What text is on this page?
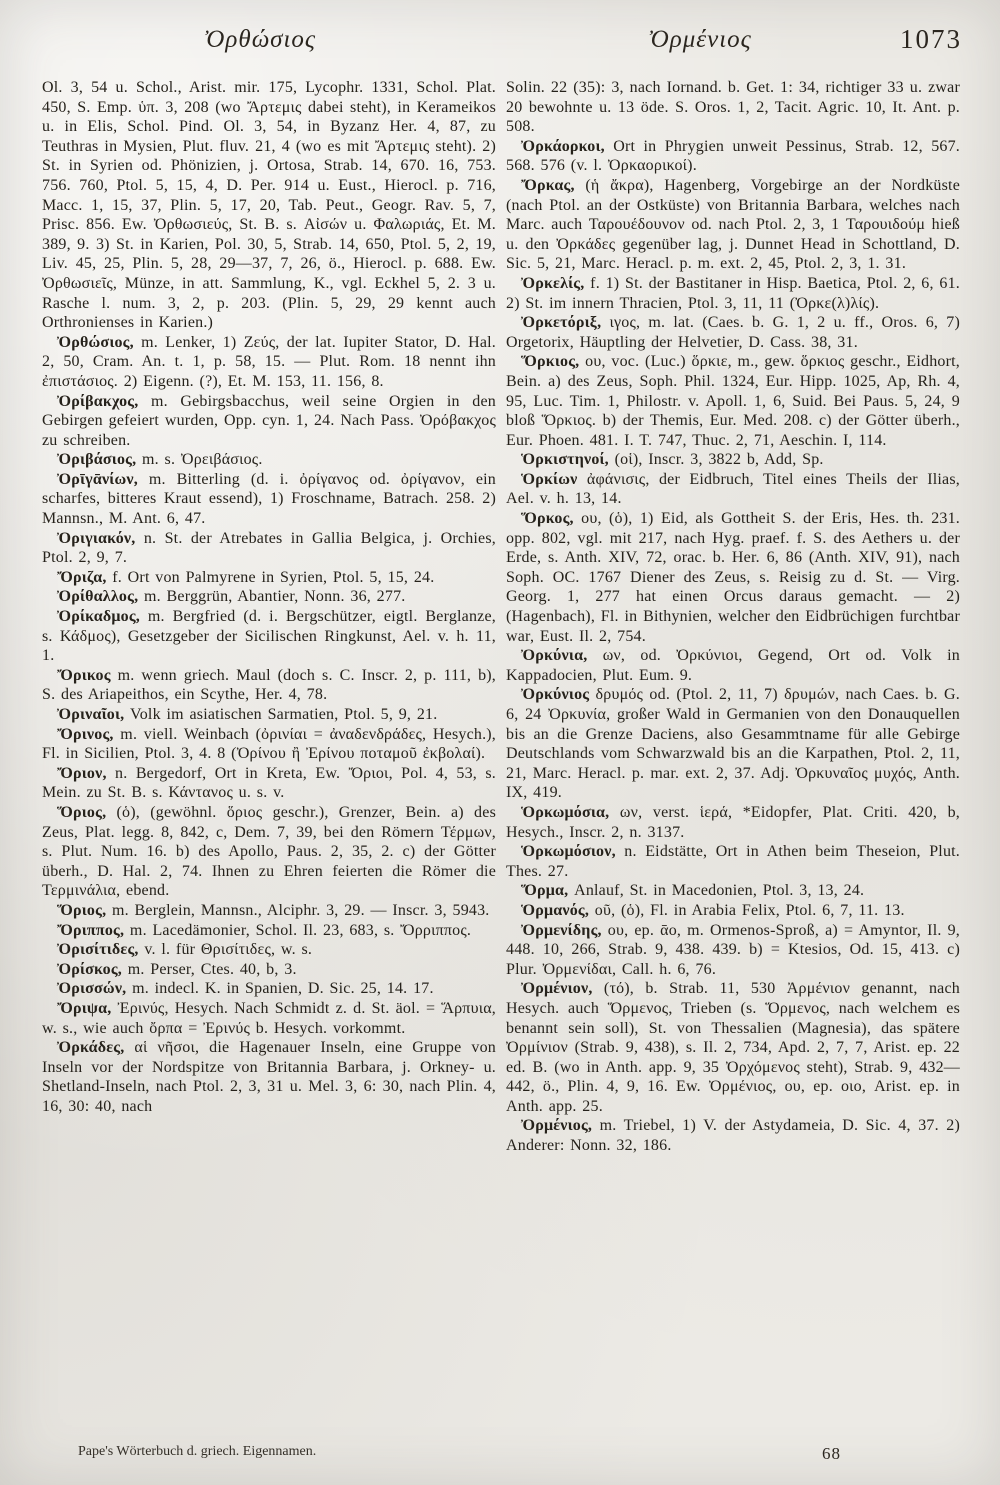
Ὀρθώσιος	Ὀρμένιος	1073

Ol. 3, 54 u. Schol., Arist. mir. 175, Lycophr. 1331, Schol. Plat. 450, S. Emp. ὑπ. 3, 208 (wo Ἄρτεμις dabei steht), in Kerameikos u. in Elis, Schol. Pind. Ol. 3, 54, in Byzanz Her. 4, 87, zu Teuthras in Mysien, Plut. fluv. 21, 4 (wo es mit Ἄρτεμις steht). 2) St. in Syrien od. Phönizien, j. Ortosa, Strab. 14, 670. 16, 753. 756. 760, Ptol. 5, 15, 4, D. Per. 914 u. Eust., Hierocl. p. 716, Macc. 1, 15, 37, Plin. 5, 17, 20, Tab. Peut., Geogr. Rav. 5, 7, Prisc. 856. Ew. Ὀρθωσιεύς, St. B. s. Αἰσών u. Φαλωριάς, Et. M. 389, 9. 3) St. in Karien, Pol. 30, 5, Strab. 14, 650, Ptol. 5, 2, 19, Liv. 45, 25, Plin. 5, 28, 29—37, 7, 26, ö., Hierocl. p. 688. Ew. Ὀρθωσιεῖς, Münze, in att. Sammlung, K., vgl. Eckhel 5, 2. 3 u. Rasche l. num. 3, 2, p. 203. (Plin. 5, 29, 29 kennt auch Orthronienses in Karien.)

Ὀρθώσιος, m. Lenker, 1) Ζεύς, der lat. Iupiter Stator, D. Hal. 2, 50, Cram. An. t. 1, p. 58, 15. — Plut. Rom. 18 nennt ihn ἐπιστάσιος. 2) Eigenn. (?), Et. M. 153, 11. 156, 8.

Ὀρίβακχος, m. Gebirgsbacchus, weil seine Orgien in den Gebirgen gefeiert wurden, Opp. cyn. 1, 24. Nach Pass. Ὀρόβακχος zu schreiben.

Ὀριβάσιος, m. s. Ὀρειβάσιος.

Ὀρῑγᾱνίων, m. Bitterling (d. i. ὀρίγανος od. ὀρίγανον, ein scharfes, bitteres Kraut essend), 1) Froschname, Batrach. 258. 2) Mannsn., M. Ant. 6, 47.

Ὀριγιακόν, n. St. der Atrebates in Gallia Belgica, j. Orchies, Ptol. 2, 9, 7.

Ὄριζα, f. Ort von Palmyrene in Syrien, Ptol. 5, 15, 24.

Ὀρίθαλλος, m. Berggrün, Abantier, Nonn. 36, 277.

Ὀρίκαδμος, m. Bergfried (d. i. Bergschützer, eigtl. Berglanze, s. Κάδμος), Gesetzgeber der Sicilischen Ringkunst, Ael. v. h. 11, 1.

Ὄρικος m. wenn griech. Maul (doch s. C. Inscr. 2, p. 111, b), S. des Ariapeithos, ein Scythe, Her. 4, 78.

Ὀριναῖοι, Volk im asiatischen Sarmatien, Ptol. 5, 9, 21.

Ὄρινος, m. viell. Weinbach (ὀρινίαι = ἀναδενδράδες, Hesych.), Fl. in Sicilien, Ptol. 3, 4. 8 (Ὀρίνου ἢ Ἐρίνου ποταμοῦ ἐκβολαί).

Ὄριον, n. Bergedorf, Ort in Kreta, Ew. Ὄριοι, Pol. 4, 53, s. Mein. zu St. B. s. Κάντανος u. s. v.

Ὅριος, (ὁ), (gewöhnl. ὅριος geschr.), Grenzer, Bein. a) des Zeus, Plat. legg. 8, 842, c, Dem. 7, 39, bei den Römern Τέρμων, s. Plut. Num. 16. b) des Apollo, Paus. 2, 35, 2. c) der Götter überh., D. Hal. 2, 74. Ihnen zu Ehren feierten die Römer die Τερμινάλια, ebend.

Ὅριος, m. Berglein, Mannsn., Alciphr. 3, 29. — Inscr. 3, 5943.

Ὄριππος, m. Lacedämonier, Schol. Il. 23, 683, s. Ὄρριππος.

Ὀρισίτιδες, v. l. für Θρισίτιδες, w. s.

Ὀρίσκος, m. Perser, Ctes. 40, b, 3.

Ὀρισσών, m. indecl. K. in Spanien, D. Sic. 25, 14. 17.

Ὄριψα, Ἐρινύς, Hesych. Nach Schmidt z. d. St. äol. = Ἅρπυια, w. s., wie auch ὄρπα = Ἐρινύς b. Hesych. vorkommt.

Ὀρκάδες, αἱ νῆσοι, die Hagenauer Inseln, eine Gruppe von Inseln vor der Nordspitze von Britannia Barbara, j. Orkney- u. Shetland-Inseln, nach Ptol. 2, 3, 31 u. Mel. 3, 6: 30, nach Plin. 4, 16, 30: 40, nach

Solin. 22 (35): 3, nach Iornand. b. Get. 1: 34, richtiger 33 u. zwar 20 bewohnte u. 13 öde. S. Oros. 1, 2, Tacit. Agric. 10, It. Ant. p. 508.

Ὀρκάορκοι, Ort in Phrygien unweit Pessinus, Strab. 12, 567. 568. 576 (v. l. Ὀρκαορικοί).

Ὄρκας, (ἡ ἄκρα), Hagenberg, Vorgebirge an der Nordküste (nach Ptol. an der Ostküste) von Britannia Barbara, welches nach Marc. auch Ταρουέδουνον od. nach Ptol. 2, 3, 1 Ταρουιδούμ hieß u. den Ὀρκάδες gegenüber lag, j. Dunnet Head in Schottland, D. Sic. 5, 21, Marc. Heracl. p. m. ext. 2, 45, Ptol. 2, 3, 1. 31.

Ὀρκελίς, f. 1) St. der Bastitaner in Hisp. Baetica, Ptol. 2, 6, 61. 2) St. im innern Thracien, Ptol. 3, 11, 11 (Ὀρκε(λ)λίς).

Ὀρκετόριξ, ιγος, m. lat. (Caes. b. G. 1, 2 u. ff., Oros. 6, 7) Orgetorix, Häuptling der Helvetier, D. Cass. 38, 31.

Ὅρκιος, ου, voc. (Luc.) ὅρκιε, m., gew. ὅρκιος geschr., Eidhort, Bein. a) des Zeus, Soph. Phil. 1324, Eur. Hipp. 1025, Ap, Rh. 4, 95, Luc. Tim. 1, Philostr. v. Apoll. 1, 6, Suid. Bei Paus. 5, 24, 9 bloß Ὅρκιος. b) der Themis, Eur. Med. 208. c) der Götter überh., Eur. Phoen. 481. I. T. 747, Thuc. 2, 71, Aeschin. I, 114.

Ὁρκιστηνοί, (οἱ), Inscr. 3, 3822 b, Add, Sp.

Ὁρκίων ἀφάνισις, der Eidbruch, Titel eines Theils der Ilias, Ael. v. h. 13, 14.

Ὅρκος, ου, (ὁ), 1) Eid, als Gottheit S. der Eris, Hes. th. 231. opp. 802, vgl. mit 217, nach Hyg. praef. f. S. des Aethers u. der Erde, s. Anth. XIV, 72, orac. b. Her. 6, 86 (Anth. XIV, 91), nach Soph. OC. 1767 Diener des Zeus, s. Reisig zu d. St. — Virg. Georg. 1, 277 hat einen Orcus daraus gemacht. — 2) (Hagenbach), Fl. in Bithynien, welcher den Eidbrüchigen furchtbar war, Eust. Il. 2, 754.

Ὀρκύνια, ων, od. Ὀρκύνιοι, Gegend, Ort od. Volk in Kappadocien, Plut. Eum. 9.

Ὀρκύνιος δρυμός od. (Ptol. 2, 11, 7) δρυμών, nach Caes. b. G. 6, 24 Ὀρκυνία, großer Wald in Germanien von den Donauquellen bis an die Grenze Daciens, also Gesammtname für alle Gebirge Deutschlands vom Schwarzwald bis an die Karpathen, Ptol. 2, 11, 21, Marc. Heracl. p. mar. ext. 2, 37. Adj. Ὀρκυναῖος μυχός, Anth. IX, 419.

Ὁρκωμόσια, ων, verst. ἱερά, *Eidopfer, Plat. Criti. 420, b, Hesych., Inscr. 2, n. 3137.

Ὁρκωμόσιον, n. Eidstätte, Ort in Athen beim Theseion, Plut. Thes. 27.

Ὅρμα, Anlauf, St. in Macedonien, Ptol. 3, 13, 24.

Ὁρμανός, οῦ, (ὁ), Fl. in Arabia Felix, Ptol. 6, 7, 11. 13.

Ὀρμενίδης, ου, ep. ᾱο, m. Ormenos-Sproß, a) = Amyntor, Il. 9, 448. 10, 266, Strab. 9, 438. 439. b) = Ktesios, Od. 15, 413. c) Plur. Ὀρμενίδαι, Call. h. 6, 76.

Ὀρμένιον, (τό), b. Strab. 11, 530 Ἀρμένιον genannt, nach Hesych. auch Ὅρμενος, Trieben (s. Ὅρμενος, nach welchem es benannt sein soll), St. von Thessalien (Magnesia), das spätere Ὀρμίνιον (Strab. 9, 438), s. Il. 2, 734, Apd. 2, 7, 7, Arist. ep. 22 ed. B. (wo in Anth. app. 9, 35 Ὀρχόμενος steht), Strab. 9, 432—442, ö., Plin. 4, 9, 16. Ew. Ὀρμένιος, ου, ep. οιο, Arist. ep. in Anth. app. 25.

Ὀρμένιος, m. Triebel, 1) V. der Astydameia, D. Sic. 4, 37. 2) Anderer: Nonn. 32, 186.

Pape's Wörterbuch d. griech. Eigennamen.	68
